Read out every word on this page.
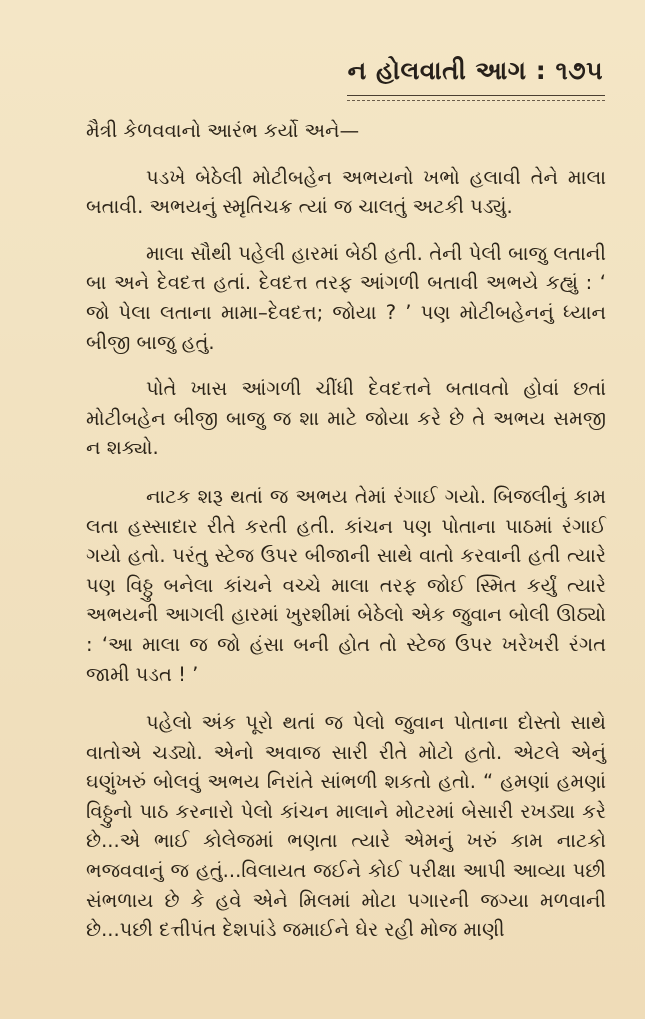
ન હોલવાતી આગ : ૧૭૫

મૈત્રી કેળવવાનો આરંભ કર્યો અને—

પડખે બેઠેલી મોટીબહેન અભયનો ખભો હલાવી તેને માલા બતાવી. અભયનું સ્મૃતિચક્ર ત્યાં જ ચાલતું અટકી પડ્યું.

માલા સૌથી પહેલી હારમાં બેઠી હતી. તેની પેલી બાજુ લતાની બા અને દેવદત્ત હતાં. દેવદત્ત તરફ આંગળી બતાવી અભયે કહ્યું : ‘ જો પેલા લતાના મામા–દેવદત્ત; જોયા ? ’ પણ મોટીબહેનનું ધ્યાન બીજી બાજુ હતું.

પોતે ખાસ આંગળી ચીંધી દેવદત્તને બતાવતો હોવાં છતાં મોટીબહેન બીજી બાજુ જ શા માટે જોયા કરે છે તે અભય સમજી ન શક્યો.

નાટક શરૂ થતાં જ અભય તેમાં રંગાઈ ગયો. બિજલીનું કામ લતા હસ્સાદાર રીતે કરતી હતી. કાંચન પણ પોતાના પાઠમાં રંગાઈ ગયો હતો. પરંતુ સ્ટેજ ઉપર બીજાની સાથે વાતો કરવાની હતી ત્યારે પણ વિઠ્ઠુ બનેલા કાંચને વચ્ચે માલા તરફ જોઈ સ્મિત કર્યું ત્યારે અભયની આગલી હારમાં ખુરશીમાં બેઠેલો એક જુવાન બોલી ઊઠ્યો : ‘આ માલા જ જો હંસા બની હોત તો સ્ટેજ ઉપર ખરેખરી રંગત જામી પડત ! ’

પહેલો અંક પૂરો થતાં જ પેલો જુવાન પોતાના દોસ્તો સાથે વાતોએ ચડ્યો. એનો અવાજ સારી રીતે મોટો હતો. એટલે એનું ઘણુંખરું બોલવું અભય નિરાંતે સાંભળી શકતો હતો. “ હમણાં હમણાં વિઠ્ઠુનો પાઠ કરનારો પેલો કાંચન માલાને મોટરમાં બેસારી રખડ્યા કરે છે...એ ભાઈ કોલેજમાં ભણતા ત્યારે એમનું ખરું કામ નાટકો ભજવવાનું જ હતું...વિલાયત જઈને કોઈ પરીક્ષા આપી આવ્યા પછી સંભળાય છે કે હવે એને મિલમાં મોટા પગારની જગ્યા મળવાની છે...પછી દત્તીપંત દેશપાંડે જમાઈને ઘેર રહી મોજ માણી
